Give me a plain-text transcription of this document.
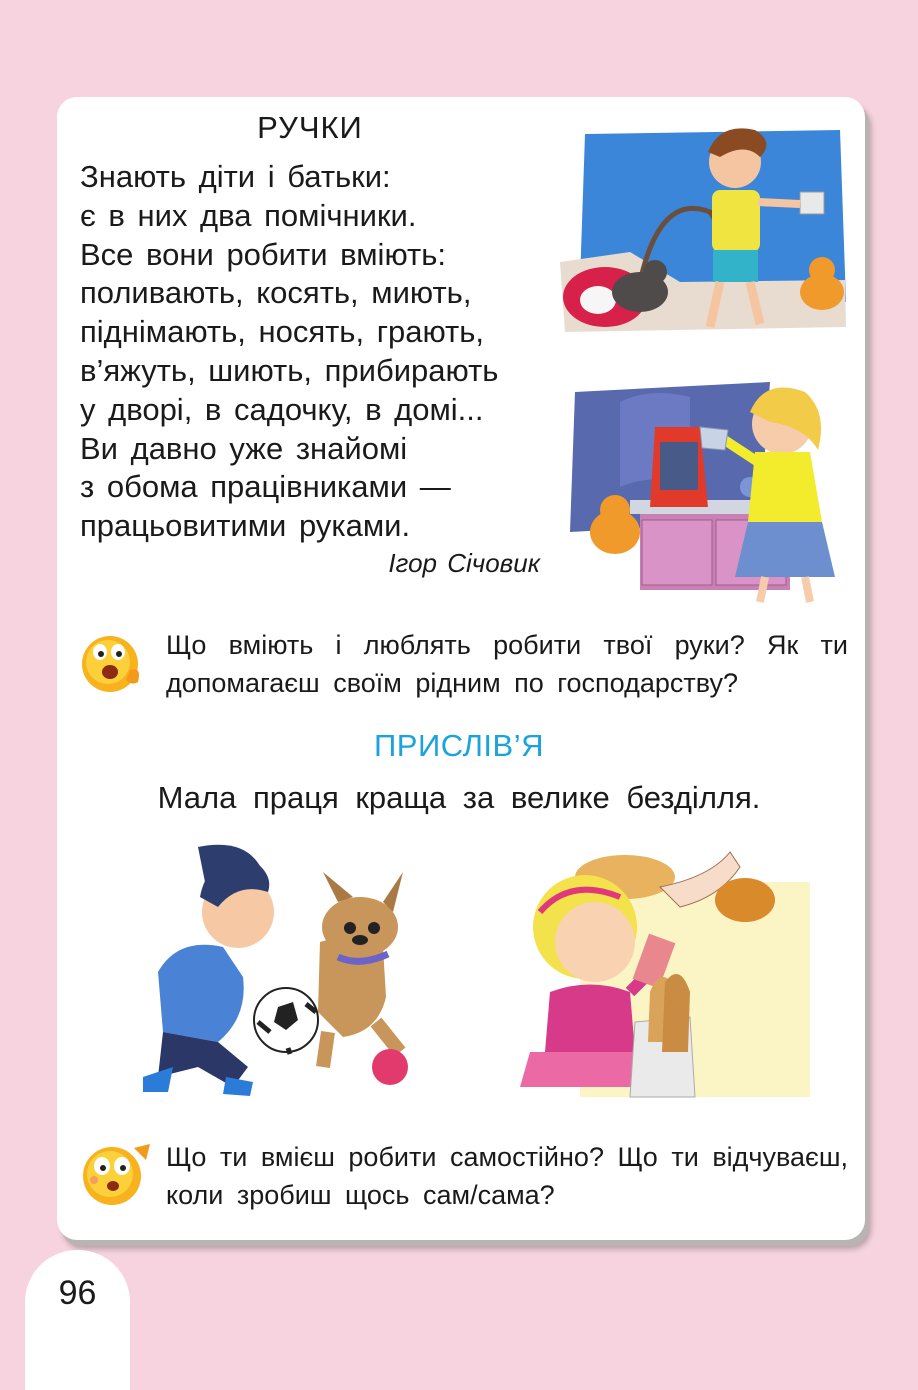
РУЧКИ
Знають діти і батьки:
є в них два помічники.
Все вони робити вміють:
поливають, косять, миють,
піднімають, носять, грають,
в’яжуть, шиють, прибирають
у дворі, в садочку, в домі...
Ви давно уже знайомі
з обома працівниками —
працьовитими руками.
Ігор Січовик
Що вміють і люблять робити твої руки? Як ти допомагаєш своїм рідним по господарству?
ПРИСЛІВ’Я
Мала праця краща за велике безділля.
Що ти вмієш робити самостійно? Що ти відчуваєш, коли зробиш щось сам/сама?
96
